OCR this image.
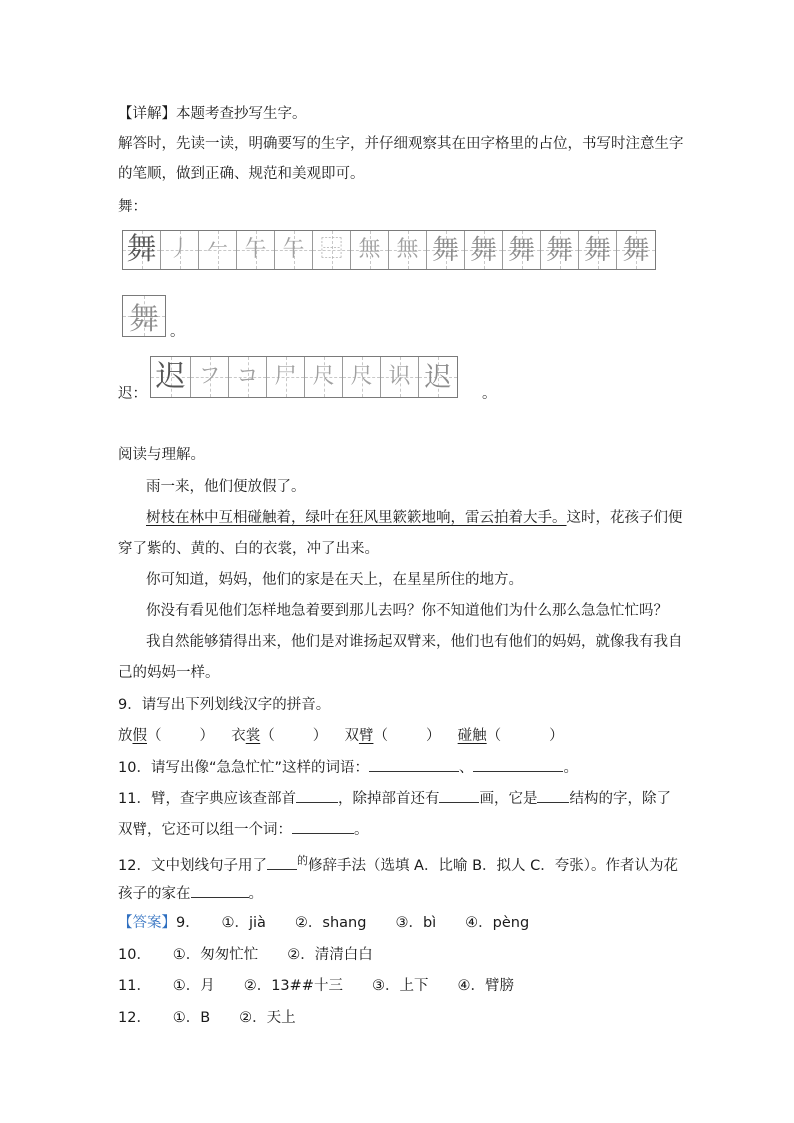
【详解】本题考查抄写生字。
解答时，先读一读，明确要写的生字，并仔细观察其在田字格里的占位，书写时注意生字
的笔顺，做到正确、规范和美观即可。
舞：
舞 丿 𠂉 午 午 ⿱ 無 無 舞 舞 舞 舞 舞 舞
舞 。
迟： 迟 フ コ 尸 尺 尺 识 迟
。
阅读与理解。
雨一来，他们便放假了。
树枝在林中互相碰触着，绿叶在狂风里簌簌地响，雷云拍着大手。这时，花孩子们便
穿了紫的、黄的、白的衣裳，冲了出来。
你可知道，妈妈，他们的家是在天上，在星星所住的地方。
你没有看见他们怎样地急着要到那儿去吗？你不知道他们为什么那么急急忙忙吗？
我自然能够猜得出来，他们是对谁扬起双臂来，他们也有他们的妈妈，就像我有我自
己的妈妈一样。
9．请写出下列划线汉字的拼音。
放假（	） 衣裳（	） 双臂（	） 碰触（	）
10．请写出像“急急忙忙”这样的词语：	、	。
11．臂，查字典应该查部首	，除掉部首还有	画，它是 结构的字，除了
双臂，它还可以组一个词：	。
12．文中划线句子用了	$^的$修辞手法（选填 A．比喻 B．拟人 C．夸张）。作者认为花
孩子的家在	。
【答案】9．　　①．jià　　②．shang　　③．bì　　④．pèng
10．　　①．匆匆忙忙　　②．清清白白
11．　　①．月　　②．13##十三　　③．上下　　④．臂膀
12．　　①．B　　②．天上
